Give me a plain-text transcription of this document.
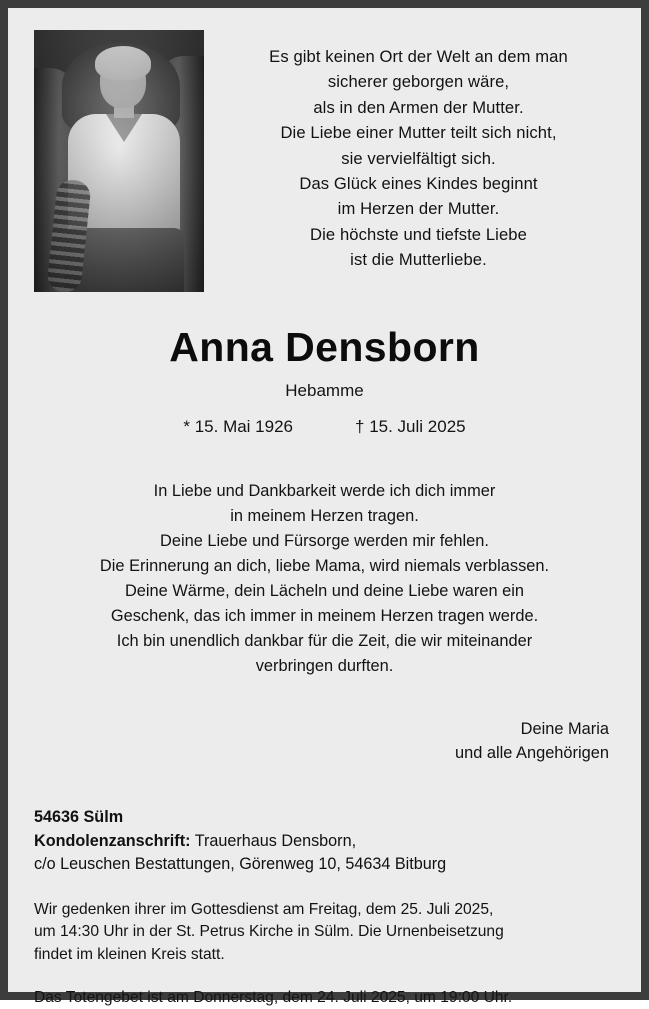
Es gibt keinen Ort der Welt an dem man
sicherer geborgen wäre,
als in den Armen der Mutter.
Die Liebe einer Mutter teilt sich nicht,
sie vervielfältigt sich.
Das Glück eines Kindes beginnt
im Herzen der Mutter.
Die höchste und tiefste Liebe
ist die Mutterliebe.
Anna Densborn
Hebamme
* 15. Mai 1926	† 15. Juli 2025
In Liebe und Dankbarkeit werde ich dich immer
in meinem Herzen tragen.
Deine Liebe und Fürsorge werden mir fehlen.
Die Erinnerung an dich, liebe Mama, wird niemals verblassen.
Deine Wärme, dein Lächeln und deine Liebe waren ein
Geschenk, das ich immer in meinem Herzen tragen werde.
Ich bin unendlich dankbar für die Zeit, die wir miteinander
verbringen durften.
Deine Maria
und alle Angehörigen
54636 Sülm
Kondolenzanschrift: Trauerhaus Densborn,
c/o Leuschen Bestattungen, Görenweg 10, 54634 Bitburg
Wir gedenken ihrer im Gottesdienst am Freitag, dem 25. Juli 2025,
um 14:30 Uhr in der St. Petrus Kirche in Sülm. Die Urnenbeisetzung
findet im kleinen Kreis statt.
Das Totengebet ist am Donnerstag, dem 24. Juli 2025, um 19:00 Uhr.
